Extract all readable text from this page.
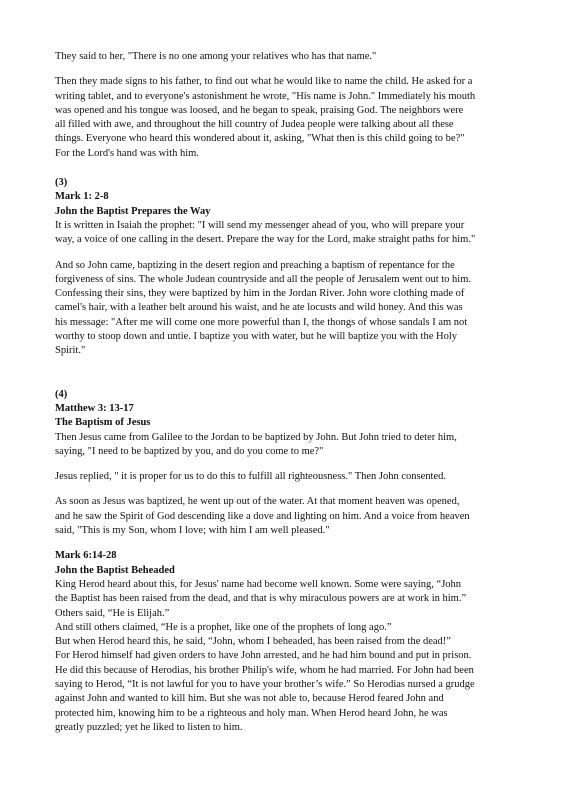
They said to her, "There is no one among your relatives who has that name."
Then they made signs to his father, to find out what he would like to name the child. He asked for a
writing tablet, and to everyone's astonishment he wrote, "His name is John." Immediately his mouth
was opened and his tongue was loosed, and he began to speak, praising God. The neighbors were
all filled with awe, and throughout the hill country of Judea people were talking about all these
things. Everyone who heard this wondered about it, asking, "What then is this child going to be?"
For the Lord's hand was with him.
(3)
Mark 1: 2-8
John the Baptist Prepares the Way
It is written in Isaiah the prophet: "I will send my messenger ahead of you, who will prepare your
way, a voice of one calling in the desert. Prepare the way for the Lord, make straight paths for him."
And so John came, baptizing in the desert region and preaching a baptism of repentance for the
forgiveness of sins. The whole Judean countryside and all the people of Jerusalem went out to him.
Confessing their sins, they were baptized by him in the Jordan River. John wore clothing made of
camel's hair, with a leather belt around his waist, and he ate locusts and wild honey. And this was
his message: "After me will come one more powerful than I, the thongs of whose sandals I am not
worthy to stoop down and untie. I baptize you with water, but he will baptize you with the Holy
Spirit."
(4)
Matthew 3: 13-17
The Baptism of Jesus
Then Jesus came from Galilee to the Jordan to be baptized by John. But John tried to deter him,
saying, "I need to be baptized by you, and do you come to me?"
Jesus replied, " it is proper for us to do this to fulfill all righteousness." Then John consented.
As soon as Jesus was baptized, he went up out of the water. At that moment heaven was opened,
and he saw the Spirit of God descending like a dove and lighting on him. And a voice from heaven
said, "This is my Son, whom I love; with him I am well pleased."
Mark 6:14-28
John the Baptist Beheaded
King Herod heard about this, for Jesus' name had become well known. Some were saying, “John
the Baptist has been raised from the dead, and that is why miraculous powers are at work in him.”
Others said, “He is Elijah.”
And still others claimed, “He is a prophet, like one of the prophets of long ago.”
But when Herod heard this, he said, “John, whom I beheaded, has been raised from the dead!”
For Herod himself had given orders to have John arrested, and he had him bound and put in prison.
He did this because of Herodias, his brother Philip's wife, whom he had married. For John had been
saying to Herod, “It is not lawful for you to have your brother’s wife.” So Herodias nursed a grudge
against John and wanted to kill him. But she was not able to, because Herod feared John and
protected him, knowing him to be a righteous and holy man. When Herod heard John, he was
greatly puzzled; yet he liked to listen to him.
